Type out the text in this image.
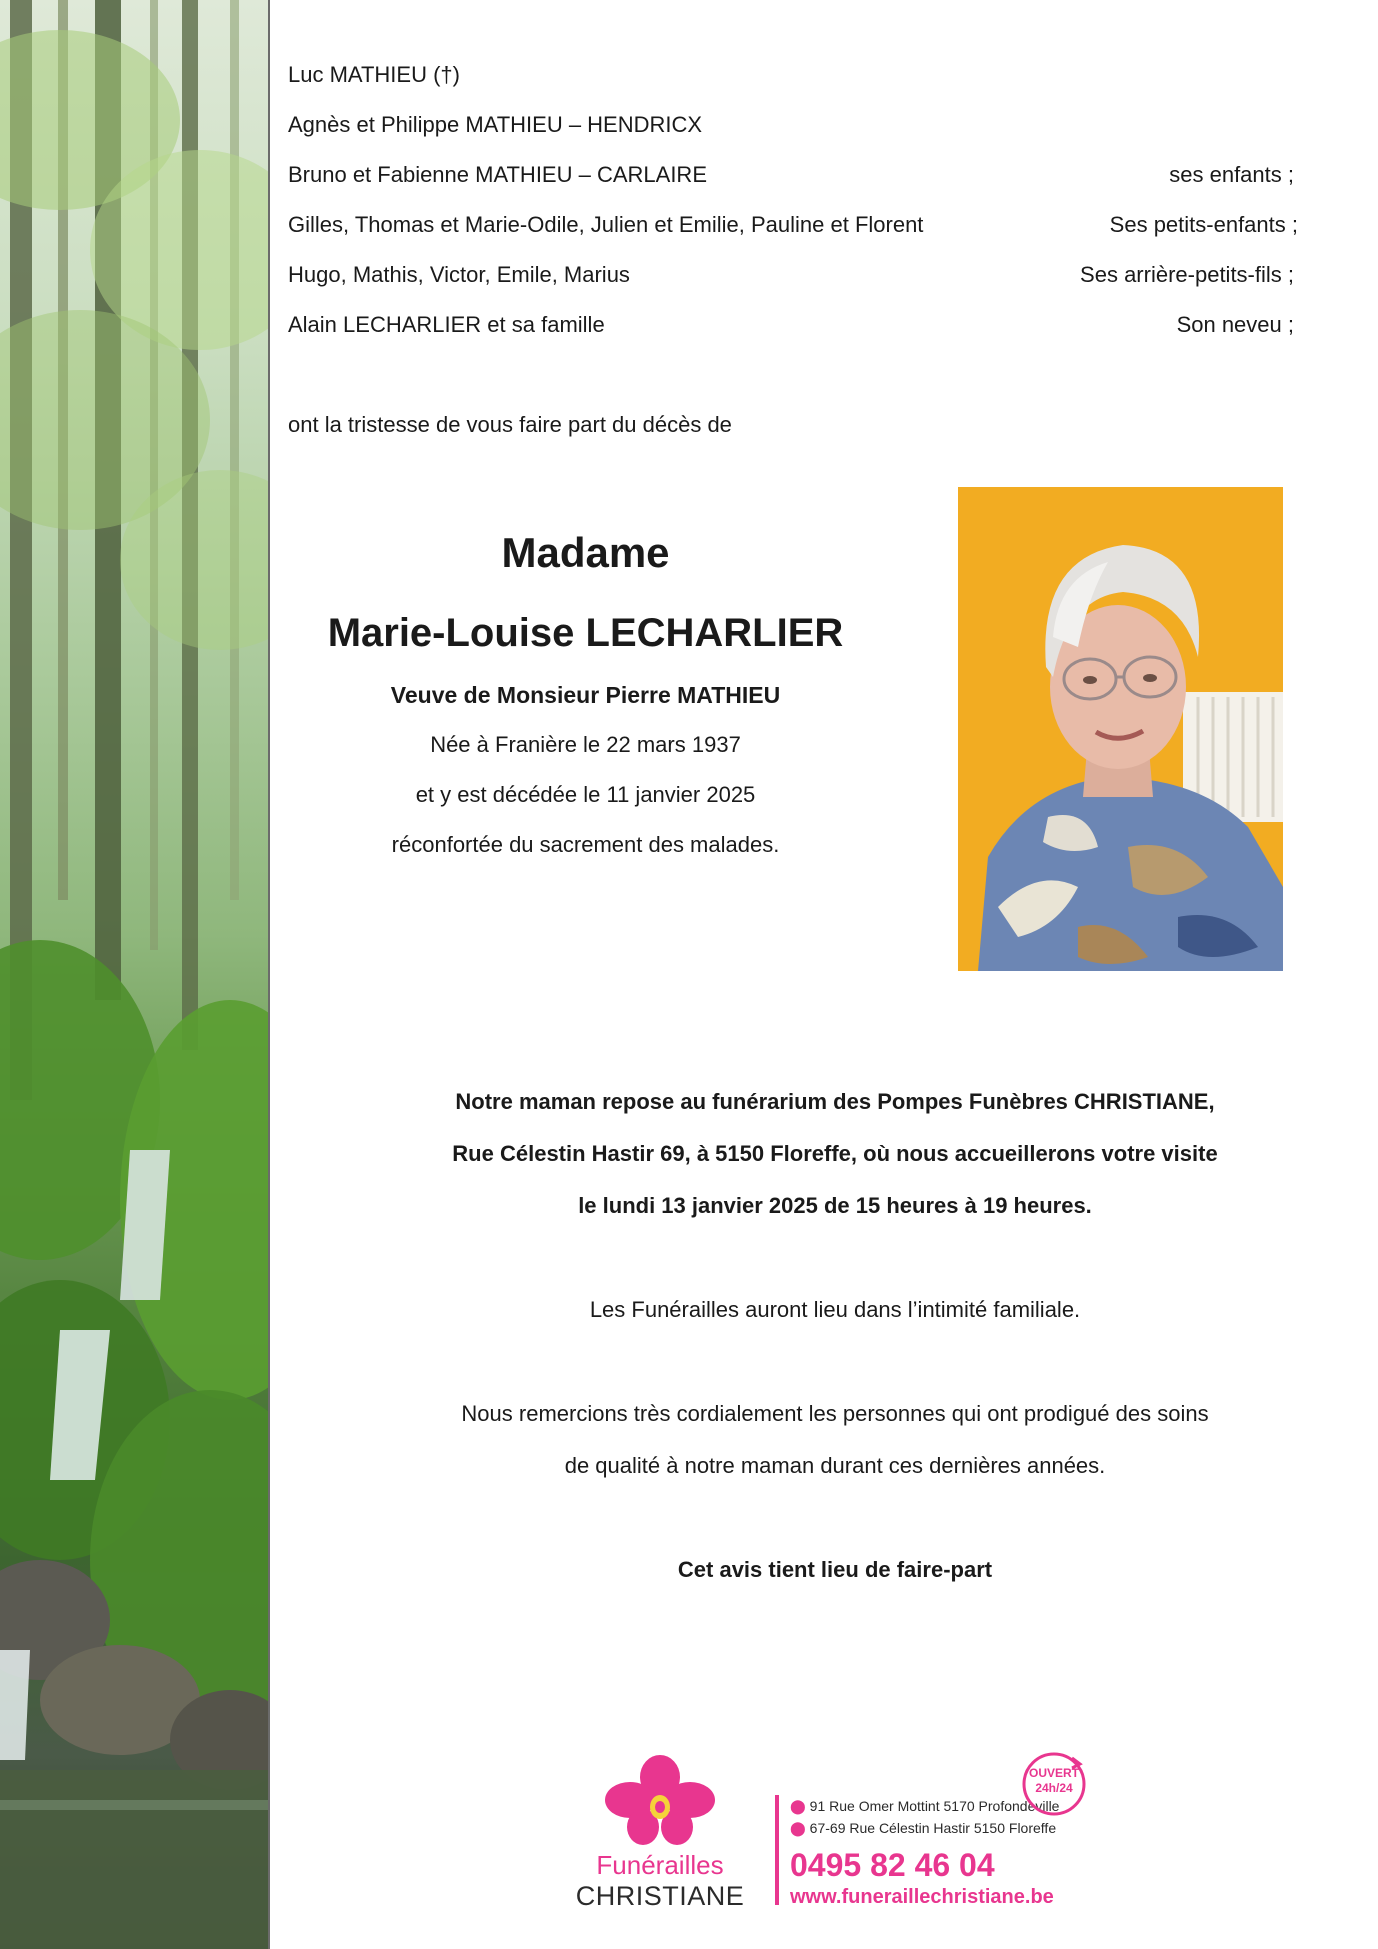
Luc MATHIEU (†)
Agnès et Philippe MATHIEU – HENDRICX
Bruno et Fabienne MATHIEU – CARLAIRE	ses enfants ;
Gilles, Thomas et Marie-Odile, Julien et Emilie, Pauline et Florent	Ses petits-enfants ;
Hugo, Mathis, Victor, Emile, Marius	Ses arrière-petits-fils ;
Alain LECHARLIER et sa famille	Son neveu ;
ont la tristesse de vous faire part du décès de
Madame
Marie-Louise LECHARLIER
Veuve de Monsieur Pierre MATHIEU
Née à Franière le 22 mars 1937
et y est décédée le 11 janvier 2025
réconfortée du sacrement des malades.
Notre maman repose au funérarium des Pompes Funèbres CHRISTIANE,
Rue Célestin Hastir 69, à 5150 Floreffe, où nous accueillerons votre visite
le lundi 13 janvier 2025 de 15 heures à 19 heures.
Les Funérailles auront lieu dans l’intimité familiale.
Nous remercions très cordialement les personnes qui ont prodigué des soins
de qualité à notre maman durant ces dernières années.
Cet avis tient lieu de faire-part
Funérailles
CHRISTIANE
⬤ 91 Rue Omer Mottint 5170 Profondeville
⬤ 67-69 Rue Célestin Hastir 5150 Floreffe
0495 82 46 04
www.funeraillechristiane.be
OUVERT
24h/24
